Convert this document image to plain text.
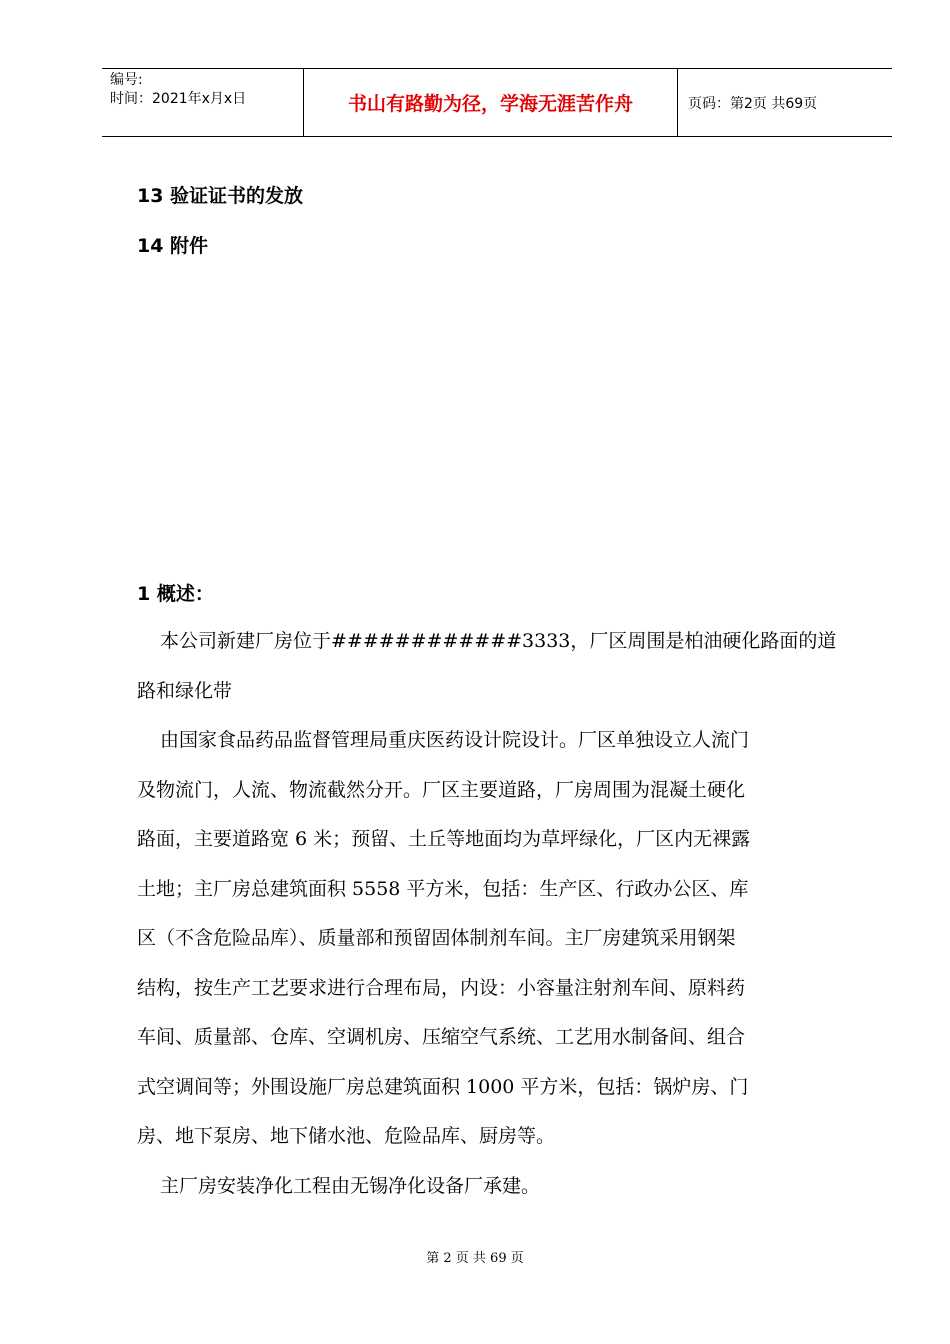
编号:
时间：2021年x月x日	书山有路勤为径，学海无涯苦作舟	页码：第2页 共69页
13 验证证书的发放
14 附件
1 概述：
本公司新建厂房位于############3333，厂区周围是柏油硬化路面的道
路和绿化带
由国家食品药品监督管理局重庆医药设计院设计。厂区单独设立人流门
及物流门，人流、物流截然分开。厂区主要道路，厂房周围为混凝土硬化
路面，主要道路宽 6 米；预留、土丘等地面均为草坪绿化，厂区内无裸露
土地；主厂房总建筑面积 5558 平方米，包括：生产区、行政办公区、库
区（不含危险品库）、质量部和预留固体制剂车间。主厂房建筑采用钢架
结构，按生产工艺要求进行合理布局，内设：小容量注射剂车间、原料药
车间、质量部、仓库、空调机房、压缩空气系统、工艺用水制备间、组合
式空调间等；外围设施厂房总建筑面积 1000 平方米，包括：锅炉房、门
房、地下泵房、地下储水池、危险品库、厨房等。
主厂房安装净化工程由无锡净化设备厂承建。
第 2 页 共 69 页
